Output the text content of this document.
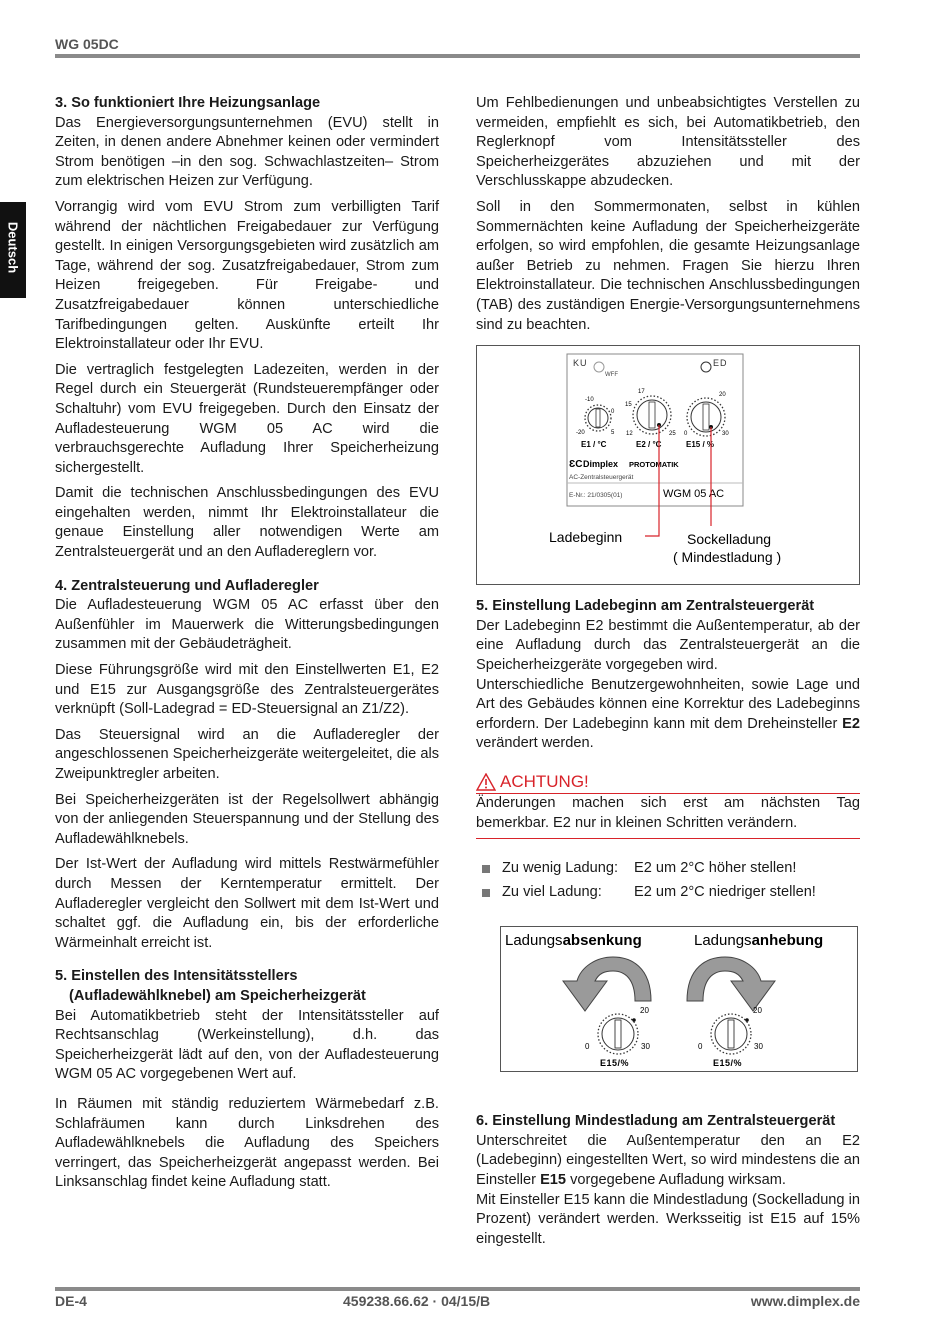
WG 05DC
Deutsch
3. So funktioniert Ihre Heizungsanlage

Das Energieversorgungsunternehmen (EVU) stellt in Zeiten, in denen andere Abnehmer keinen oder vermindert Strom benötigen –in den sog. Schwachlastzeiten– Strom zum elektrischen Heizen zur Verfügung.

Vorrangig wird vom EVU Strom zum verbilligten Tarif während der nächtlichen Freigabedauer zur Verfügung gestellt. In einigen Versorgungsgebieten wird zusätzlich am Tage, während der sog. Zusatzfreigabedauer, Strom zum Heizen freigegeben. Für Freigabe- und Zusatzfreigabedauer können unterschiedliche Tarifbedingungen gelten. Auskünfte erteilt Ihr Elektroinstallateur oder Ihr EVU.

Die vertraglich festgelegten Ladezeiten, werden in der Regel durch ein Steuergerät (Rundsteuerempfänger oder Schaltuhr) vom EVU freigegeben. Durch den Einsatz der Aufladesteuerung WGM 05 AC wird die verbrauchsgerechte Aufladung Ihrer Speicherheizung sichergestellt.

Damit die technischen Anschlussbedingungen des EVU eingehalten werden, nimmt Ihr Elektroinstallateur die genaue Einstellung aller notwendigen Werte am Zentralsteuergerät und an den Aufladereglern vor.

4. Zentralsteuerung und Aufladeregler

Die Aufladesteuerung WGM 05 AC erfasst über den Außenfühler im Mauerwerk die Witterungsbedingungen zusammen mit der Gebäudeträgheit.

Diese Führungsgröße wird mit den Einstellwerten E1, E2 und E15 zur Ausgangsgröße des Zentralsteuergerätes verknüpft (Soll-Ladegrad = ED-Steuersignal an Z1/Z2).

Das Steuersignal wird an die Aufladeregler der angeschlossenen Speicherheizgeräte weitergeleitet, die als Zweipunktregler arbeiten.

Bei Speicherheizgeräten ist der Regelsollwert abhängig von der anliegenden Steuerspannung und der Stellung des Aufladewählknebels.

Der Ist-Wert der Aufladung wird mittels Restwärmefühler durch Messen der Kerntemperatur ermittelt. Der Aufladeregler vergleicht den Sollwert mit dem Ist-Wert und schaltet ggf. die Aufladung ein, bis der erforderliche Wärmeinhalt erreicht ist.

5. Einstellen des Intensitätsstellers (Aufladewählknebel) am Speicherheizgerät

Bei Automatikbetrieb steht der Intensitätssteller auf Rechtsanschlag (Werkeinstellung), d.h. das Speicherheizgerät lädt auf den, von der Aufladesteuerung WGM 05 AC vorgegebenen Wert auf.

In Räumen mit ständig reduziertem Wärmebedarf z.B. Schlafräumen kann durch Linksdrehen des Aufladewählknebels die Aufladung des Speichers verringert, das Speicherheizgerät angepasst werden. Bei Linksanschlag findet keine Aufladung statt.

Um Fehlbedienungen und unbeabsichtigtes Verstellen zu vermeiden, empfiehlt es sich, bei Automatikbetrieb, den Reglerknopf vom Intensitätssteller des Speicherheizgerätes abzuziehen und mit der Verschlusskappe abzudecken.

Soll in den Sommermonaten, selbst in kühlen Sommernächten keine Aufladung der Speicherheizgeräte erfolgen, so wird empfohlen, die gesamte Heizungsanlage außer Betrieb zu nehmen. Fragen Sie hierzu Ihren Elektroinstallateur. Die technischen Anschlussbedingungen (TAB) des zuständigen Energie-Versorgungsunternehmens sind zu beachten.

KU
WFF
ED
-10
0
-20	5
E1 / °C
17
15
12	25
E2 / °C
20
0	30
E15 / %
ƐC Dimplex PROTOMATIK
AC-Zentralsteuergerät
E-Nr.: 21/0305(01)	WGM 05 AC
Ladebeginn	Sockelladung
( Mindestladung )
5. Einstellung Ladebeginn am Zentralsteuergerät

Der Ladebeginn E2 bestimmt die Außentemperatur, ab der eine Aufladung durch das Zentralsteuergerät an die Speicherheizgeräte vorgegeben wird.

Unterschiedliche Benutzergewohnheiten, sowie Lage und Art des Gebäudes können eine Korrektur des Ladebeginns erfordern. Der Ladebeginn kann mit dem Dreheinsteller E2 verändert werden.

ACHTUNG!

Änderungen machen sich erst am nächsten Tag bemerkbar. E2 nur in kleinen Schritten verändern.

Zu wenig Ladung: E2 um 2°C höher stellen!
Zu viel Ladung: E2 um 2°C niedriger stellen!
Ladungsabsenkung	Ladungsanhebung
20
0	30
E15/%
20
0	30
E15/%
6. Einstellung Mindestladung am Zentralsteuergerät

Unterschreitet die Außentemperatur den an E2 (Ladebeginn) eingestellten Wert, so wird mindestens die an Einsteller E15 vorgegebene Aufladung wirksam.

Mit Einsteller E15 kann die Mindestladung (Sockelladung in Prozent) verändert werden. Werksseitig ist E15 auf 15% eingestellt.

DE-4	459238.66.62 · 04/15/B	www.dimplex.de
